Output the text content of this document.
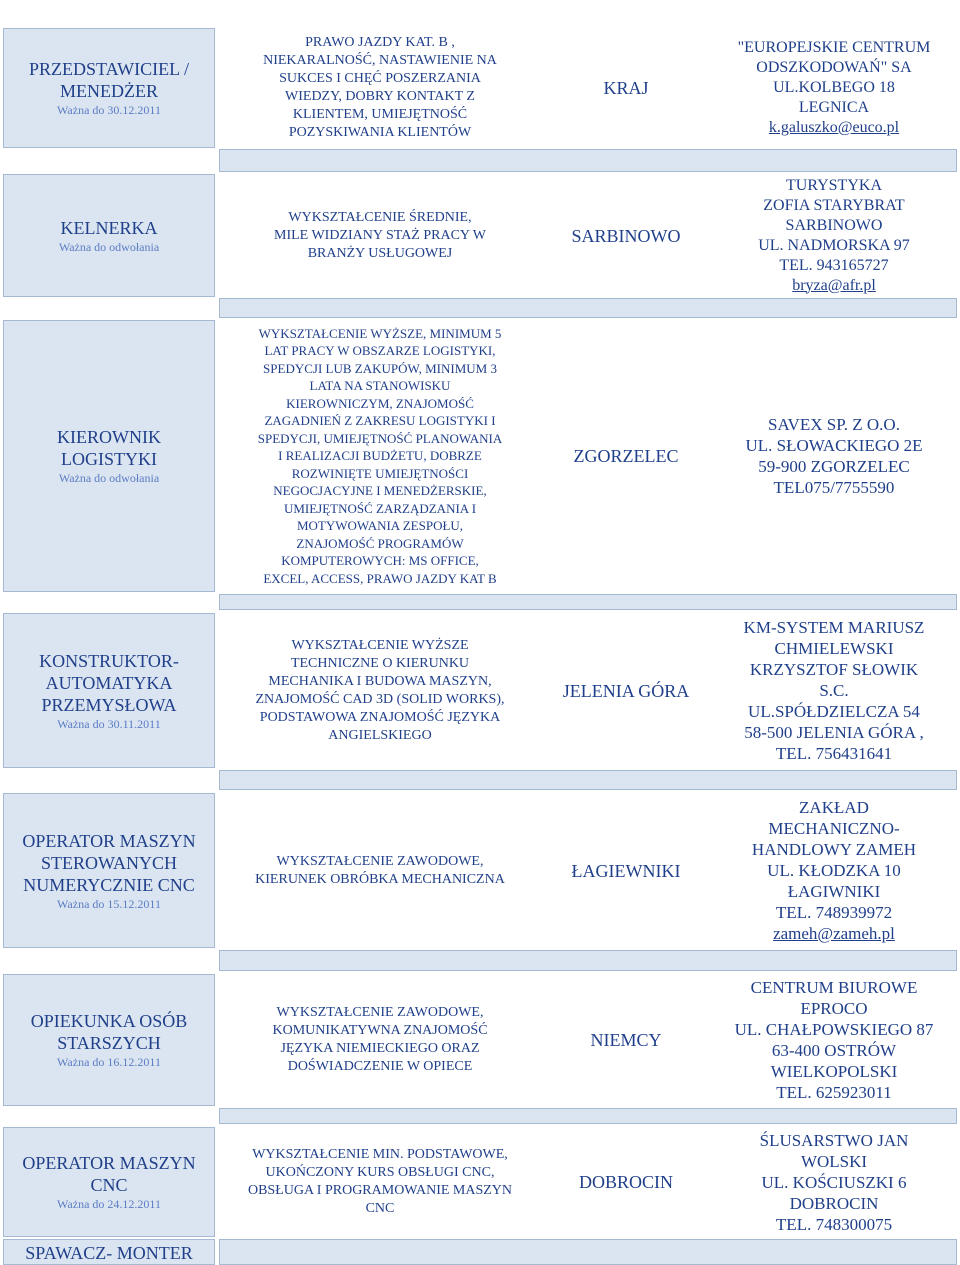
PRZEDSTAWICIEL /
MENEDŻER
Ważna do 30.12.2011
PRAWO JAZDY KAT. B ,
NIEKARALNOŚĆ, NASTAWIENIE NA
SUKCES I CHĘĆ POSZERZANIA
WIEDZY, DOBRY KONTAKT Z
KLIENTEM, UMIEJĘTNOŚĆ
POZYSKIWANIA KLIENTÓW
KRAJ
"EUROPEJSKIE CENTRUM
ODSZKODOWAŃ" SA
UL.KOLBEGO 18
LEGNICA
k.galuszko@euco.pl
KELNERKA
Ważna do odwołania
WYKSZTAŁCENIE ŚREDNIE,
MILE WIDZIANY STAŻ PRACY W
BRANŻY USŁUGOWEJ
SARBINOWO
TURYSTYKA
ZOFIA STARYBRAT
SARBINOWO
UL. NADMORSKA 97
TEL. 943165727
bryza@afr.pl
KIEROWNIK
LOGISTYKI
Ważna do odwołania
WYKSZTAŁCENIE WYŻSZE, MINIMUM 5
LAT PRACY W OBSZARZE LOGISTYKI,
SPEDYCJI LUB ZAKUPÓW, MINIMUM 3
LATA NA STANOWISKU
KIEROWNICZYM, ZNAJOMOŚĆ
ZAGADNIEŃ Z ZAKRESU LOGISTYKI I
SPEDYCJI, UMIEJĘTNOŚĆ PLANOWANIA
I REALIZACJI BUDŻETU, DOBRZE
ROZWINIĘTE UMIEJĘTNOŚCI
NEGOCJACYJNE I MENEDŻERSKIE,
UMIEJĘTNOŚĆ ZARZĄDZANIA I
MOTYWOWANIA ZESPOŁU,
ZNAJOMOŚĆ PROGRAMÓW
KOMPUTEROWYCH: MS OFFICE,
EXCEL, ACCESS, PRAWO JAZDY KAT B
ZGORZELEC
SAVEX SP. Z O.O.
UL. SŁOWACKIEGO 2E
59-900 ZGORZELEC
TEL075/7755590
KONSTRUKTOR-
AUTOMATYKA
PRZEMYSŁOWA
Ważna do 30.11.2011
WYKSZTAŁCENIE WYŻSZE
TECHNICZNE O KIERUNKU
MECHANIKA I BUDOWA MASZYN,
ZNAJOMOŚĆ CAD 3D (SOLID WORKS),
PODSTAWOWA ZNAJOMOŚĆ JĘZYKA
ANGIELSKIEGO
JELENIA GÓRA
KM-SYSTEM MARIUSZ
CHMIELEWSKI
KRZYSZTOF SŁOWIK
S.C.
UL.SPÓŁDZIELCZA 54
58-500 JELENIA GÓRA ,
TEL. 756431641
OPERATOR MASZYN
STEROWANYCH
NUMERYCZNIE CNC
Ważna do 15.12.2011
WYKSZTAŁCENIE ZAWODOWE,
KIERUNEK OBRÓBKA MECHANICZNA	ŁAGIEWNIKI
ZAKŁAD
MECHANICZNO-
HANDLOWY ZAMEH
UL. KŁODZKA 10
ŁAGIWNIKI
TEL. 748939972
zameh@zameh.pl
OPIEKUNKA OSÓB
STARSZYCH
Ważna do 16.12.2011
WYKSZTAŁCENIE ZAWODOWE,
KOMUNIKATYWNA ZNAJOMOŚĆ
JĘZYKA NIEMIECKIEGO ORAZ
DOŚWIADCZENIE W OPIECE
NIEMCY
CENTRUM BIUROWE
EPROCO
UL. CHAŁPOWSKIEGO 87
63-400 OSTRÓW
WIELKOPOLSKI
TEL. 625923011
OPERATOR MASZYN
CNC
Ważna do 24.12.2011
WYKSZTAŁCENIE MIN. PODSTAWOWE,
UKOŃCZONY KURS OBSŁUGI CNC,
OBSŁUGA I PROGRAMOWANIE MASZYN
CNC
DOBROCIN
ŚLUSARSTWO JAN
WOLSKI
UL. KOŚCIUSZKI 6
DOBROCIN
TEL. 748300075
SPAWACZ- MONTER
